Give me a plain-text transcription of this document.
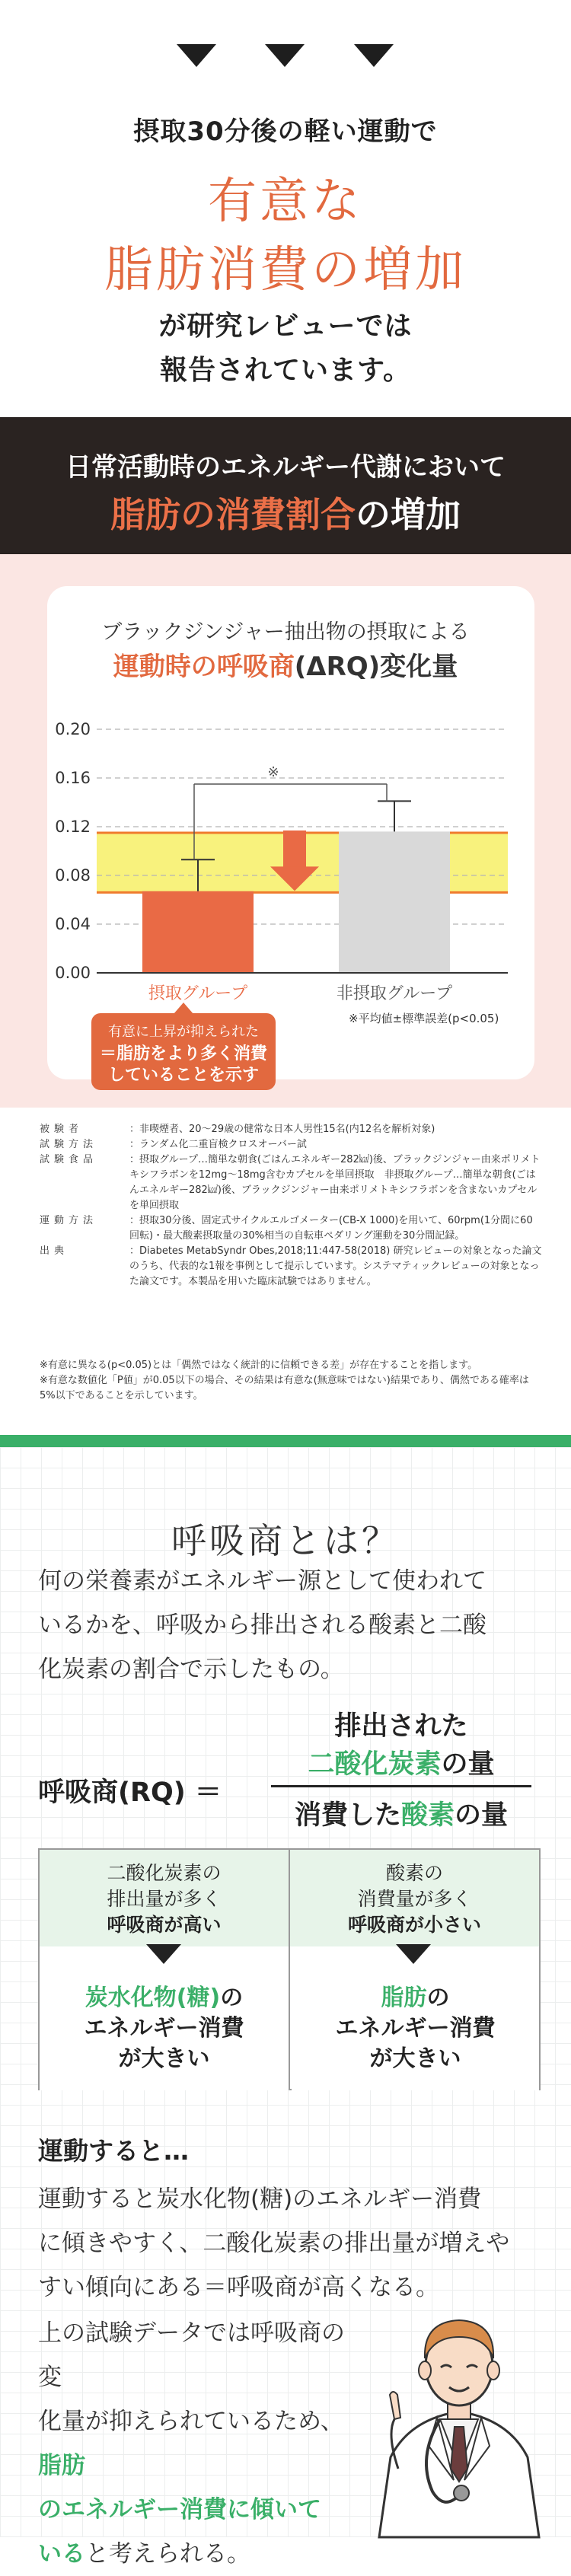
摂取30分後の軽い運動で
有意な
脂肪消費の増加
が研究レビューでは
報告されています。
日常活動時のエネルギー代謝において
脂肪の消費割合の増加
ブラックジンジャー抽出物の摂取による
運動時の呼吸商(ΔRQ)変化量
0.20
0.16
0.12
0.08
0.04
0.00
摂取グループ	非摂取グループ
※
※平均値±標準誤差(p<0.05)
有意に上昇が抑えられた
＝脂肪をより多く消費
していることを示す
被験者	：非喫煙者、20～29歳の健常な日本人男性15名(内12名を解析対象)
試験方法	：ランダム化二重盲検クロスオーバー試
試験食品	：摂取グループ…簡単な朝食(ごはんエネルギー282㎉)後、ブラックジンジャー由来ポリメトキシフラボンを12mg～18mg含むカプセルを単回摂取　非摂取グループ…簡単な朝食(ごはんエネルギー282㎉)後、ブラックジンジャー由来ポリメトキシフラボンを含まないカプセルを単回摂取
運動方法	：摂取30分後、固定式サイクルエルゴメーター(CB-X 1000)を用いて、60rpm(1分間に60回転)・最大酸素摂取量の30%相当の自転車ペダリング運動を30分間記録。
出典	：Diabetes MetabSyndr Obes,2018;11:447-58(2018) 研究レビューの対象となった論文のうち、代表的な1報を事例として提示しています。システマティックレビューの対象となった論文です。本製品を用いた臨床試験ではありません。
※有意に異なる(p<0.05)とは「偶然ではなく統計的に信頼できる差」が存在することを指します。
※有意な数値化「P値」が0.05以下の場合、その結果は有意な(無意味ではない)結果であり、偶然である確率は5%以下であることを示しています。
呼吸商とは？
何の栄養素がエネルギー源として使われて
いるかを、呼吸から排出される酸素と二酸
化炭素の割合で示したもの。
呼吸商(RQ) ＝
排出された
二酸化炭素の量
消費した酸素の量
二酸化炭素の
排出量が多く
呼吸商が高い
酸素の
消費量が多く
呼吸商が小さい
炭水化物(糖)の
エネルギー消費
が大きい
脂肪の
エネルギー消費
が大きい
運動すると…
運動すると炭水化物(糖)のエネルギー消費
に傾きやすく、二酸化炭素の排出量が増えや
すい傾向にある＝呼吸商が高くなる。
上の試験データでは呼吸商の変
化量が抑えられているため、脂肪
のエネルギー消費に傾いて
いると考えられる。
